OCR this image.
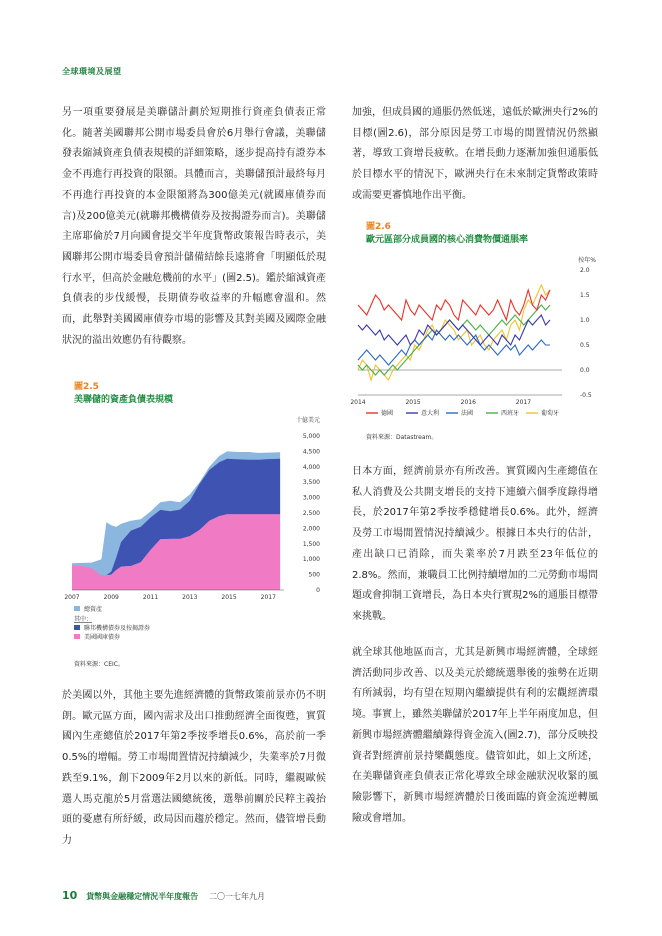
全球環境及展望

另一項重要發展是美聯儲計劃於短期推行資產負債表正常化。隨著美國聯邦公開市場委員會於6月舉行會議，美聯儲發表縮減資產負債表規模的詳細策略，逐步提高持有證券本金不再進行再投資的限額。具體而言，美聯儲預計最終每月不再進行再投資的本金限額將為300億美元(就國庫債券而言)及200億美元(就聯邦機構債券及按揭證券而言)。美聯儲主席耶倫於7月向國會提交半年度貨幣政策報告時表示，美國聯邦公開市場委員會預計儲備結餘長遠將會「明顯低於現行水平，但高於金融危機前的水平」(圖2.5)。鑑於縮減資產負債表的步伐緩慢，長期債券收益率的升幅應會溫和。然而，此舉對美國國庫債券市場的影響及其對美國及國際金融狀況的溢出效應仍有待觀察。

圖2.5
美聯儲的資產負債表規模
十億美元
0
500
1,000
1,500
2,000
2,500
3,000
3,500
4,000
4,500
5,000
2007	2009	2011	2013	2015	2017
總資產
其中：
聯邦機構債券及按揭證券
美國國庫債券
資料來源：CEIC。

於美國以外，其他主要先進經濟體的貨幣政策前景亦仍不明朗。歐元區方面，國內需求及出口推動經濟全面復甦，實質國內生產總值於2017年第2季按季增長0.6%，高於前一季0.5%的增幅。勞工市場閒置情況持續減少，失業率於7月微跌至9.1%，創下2009年2月以來的新低。同時，繼親歐候選人馬克龍於5月當選法國總統後，選舉前關於民粹主義抬頭的憂慮有所紓緩，政局因而趨於穩定。然而，儘管增長動力

加強，但成員國的通脹仍然低迷，遠低於歐洲央行2%的目標(圖2.6)，部分原因是勞工市場的閒置情況仍然顯著，導致工資增長疲軟。在增長動力逐漸加強但通脹低於目標水平的情況下，歐洲央行在未來制定貨幣政策時或需要更審慎地作出平衡。

圖2.6
歐元區部分成員國的核心消費物價通脹率
按年%
-0.5
0.0
0.5
1.0
1.5
2.0
2014	2015	2016	2017
德國	意大利	法國	西班牙	葡萄牙
資料來源：Datastream。

日本方面，經濟前景亦有所改善。實質國內生產總值在私人消費及公共開支增長的支持下連續六個季度錄得增長，於2017年第2季按季穩健增長0.6%。此外，經濟及勞工市場閒置情況持續減少。根據日本央行的估計，產出缺口已消除，而失業率於7月跌至23年低位的2.8%。然而，兼職員工比例持續增加的二元勞動市場問題或會抑制工資增長，為日本央行實現2%的通脹目標帶來挑戰。

就全球其他地區而言，尤其是新興市場經濟體，全球經濟活動同步改善、以及美元於總統選舉後的強勢在近期有所減弱，均有望在短期內繼續提供有利的宏觀經濟環境。事實上，雖然美聯儲於2017年上半年兩度加息，但新興市場經濟體繼續錄得資金流入(圖2.7)，部分反映投資者對經濟前景持樂觀態度。儘管如此，如上文所述，在美聯儲資產負債表正常化導致全球金融狀況收緊的風險影響下，新興市場經濟體於日後面臨的資金流逆轉風險或會增加。

10 貨幣與金融穩定情況半年度報告 二〇一七年九月
